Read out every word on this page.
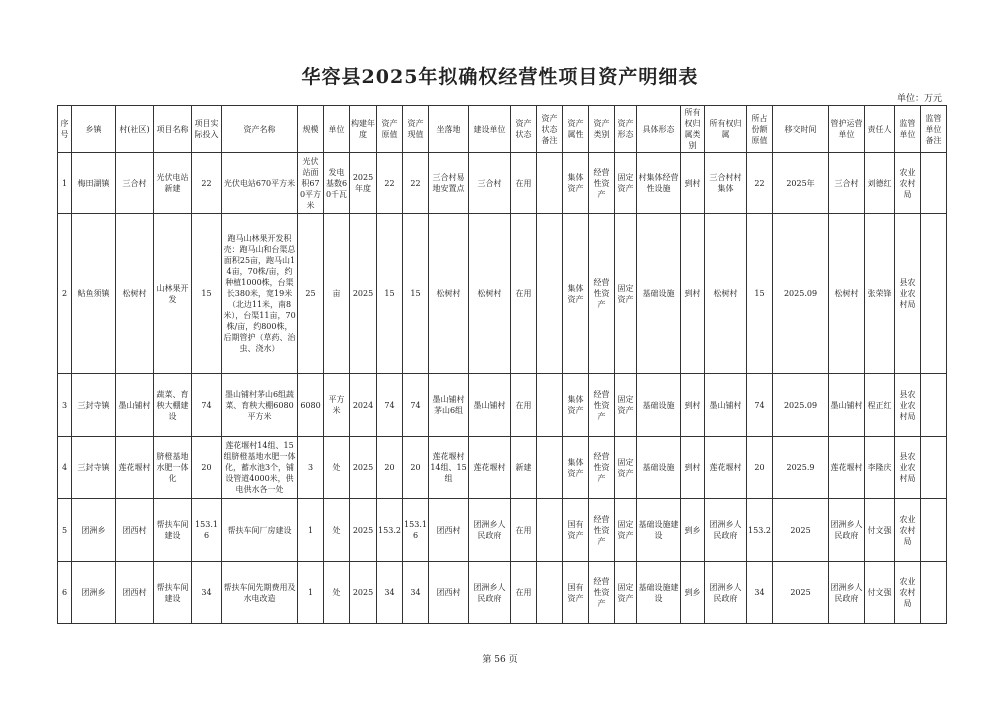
华容县2025年拟确权经营性项目资产明细表
单位：万元
序号	乡镇	村(社区)	项目名称	项目实际投入	资产名称	规模	单位	构建年度	资产原值	资产现值	坐落地	建设单位	资产状态	资产状态备注	资产属性	资产类别	资产形态	具体形态	所有权归属类别	所有权归属	所占份额原值	移交时间	管护运营单位	责任人	监管单位	监管单位备注
1	梅田湖镇	三合村	光伏电站新建	22	光伏电站670平方米	光伏站面积670平方米	发电基数60千瓦	2025年度	22	22	三合村易地安置点	三合村	在用		集体资产	经营性资产	固定资产	村集体经营性设施	到村	三合村村集体	22	2025年	三合村	刘德红	农业农村局	
2	鲇鱼须镇	松树村	山林果开发	15	跑马山林果开发积壳：跑马山和台渠总面积25亩，跑马山14亩，70株/亩，约种植1000株，台渠长380米，宽19米（北边11米，南8米），台渠11亩，70株/亩，约800株，后期管护（草药、治虫、浇水）	25	亩	2025	15	15	松树村	松树村	在用		集体资产	经营性资产	固定资产	基础设施	到村	松树村	15	2025.09	松树村	张荣锋	县农业农村局	
3	三封寺镇	墨山铺村	蔬菜、育秧大棚建设	74	墨山铺村茅山6组蔬菜、育秧大棚6080平方米	6080	平方米	2024	74	74	墨山铺村茅山6组	墨山铺村	在用		集体资产	经营性资产	固定资产	基础设施	到村	墨山铺村	74	2025.09	墨山铺村	程正红	县农业农村局	
4	三封寺镇	莲花堰村	脐橙基地水肥一体化	20	莲花堰村14组、15组脐橙基地水肥一体化，蓄水池3个，铺设管道4000米，供电供水各一处	3	处	2025	20	20	莲花堰村14组、15组	莲花堰村	新建		集体资产	经营性资产	固定资产	基础设施	到村	莲花堰村	20	2025.9	莲花堰村	李隆庆	县农业农村局	
5	团洲乡	团西村	帮扶车间建设	153.16	帮扶车间厂房建设	1	处	2025	153.2	153.16	团西村	团洲乡人民政府	在用		国有资产	经营性资产	固定资产	基础设施建设	到乡	团洲乡人民政府	153.2	2025	团洲乡人民政府	付文强	农业农村局	
6	团洲乡	团西村	帮扶车间建设	34	帮扶车间先期费用及水电改造	1	处	2025	34	34	团西村	团洲乡人民政府	在用		国有资产	经营性资产	固定资产	基础设施建设	到乡	团洲乡人民政府	34	2025	团洲乡人民政府	付文强	农业农村局	
第 56 页
